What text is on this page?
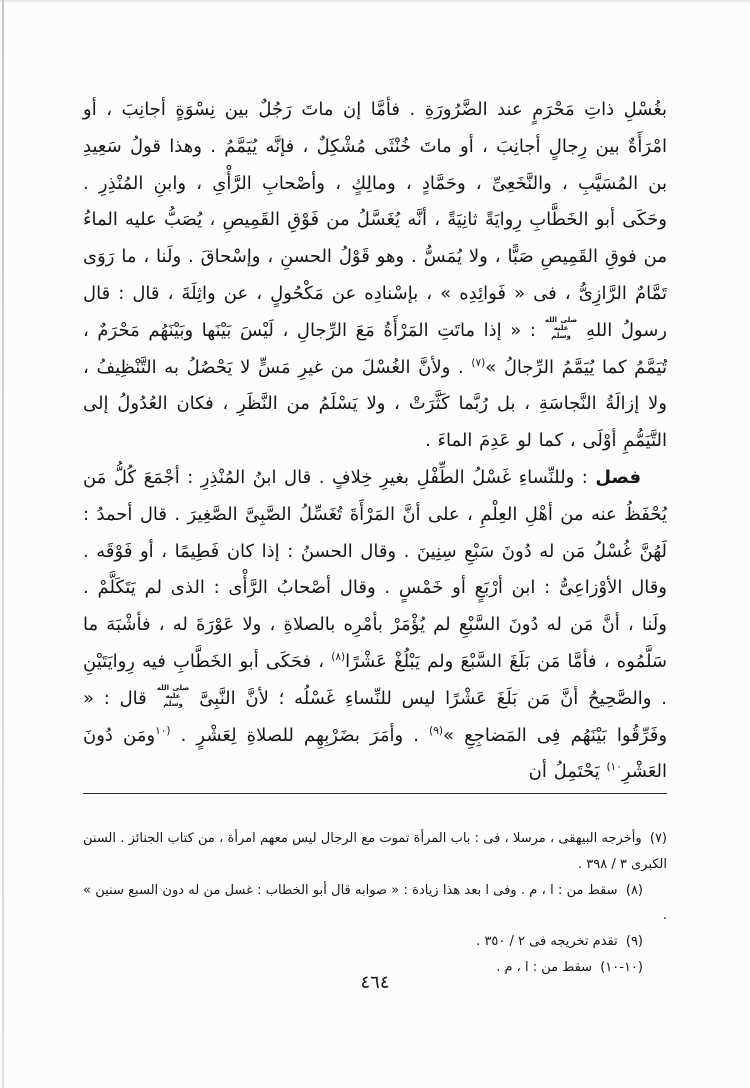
بغُسْلِ ذاتِ مَحْرَمٍ عند الضَّرُورَةِ . فأمَّا إن ماتَ رَجُلٌ بين نِسْوَةٍ أجانِبَ ، أو امْرَأَةٌ بين رِجالٍ أجانِبَ ، أو ماتَ خُنْثَى مُشْكِلٌ ، فإنَّه يُيَمَّمُ . وهذا قولُ سَعِيدِ بن المُسَيَّبِ ، والنَّخَعِىِّ ، وحَمَّادٍ ، ومالِكٍ ، وأصْحابِ الرَّأْىِ ، وابنِ المُنْذِرِ . وحَكَى أبو الخَطَّابِ رِوايَةً ثانِيَةً ، أنَّه يُغَسَّلُ من فَوْقِ القَمِيصِ ، يُصَبُّ عليه الماءُ من فوقِ القَمِيصِ صَبًّا ، ولا يُمَسُّ . وهو قَوْلُ الحسنِ ، وإسْحاقَ . ولَنا ، ما رَوَى تَمَّامٌ الرَّازِىُّ ، فى « فَوائِدِه » ، بإسْنادِه عن مَكْحُولٍ ، عن واثِلَةَ ، قال : قال رسولُ اللهِ صلى الله عليه وسلم : « إذا ماتَتِ المَرْأَةُ مَعَ الرِّجالِ ، لَيْسَ بَيْنَها وبَيْنَهُم مَحْرَمٌ ، تُيَمَّمُ كما يُيَمَّمُ الرِّجالُ »$^{(٧)}$ . ولأنَّ الغُسْلَ من غيرِ مَسٍّ لا يَحْصُلُ به التَّنْظِيفُ ، ولا إزالَةُ النَّجاسَةِ ، بل رُبَّما كَثَّرَتْ ، ولا يَسْلَمُ من النَّظَرِ ، فكان العُدُولُ إلى التَّيَمُّمِ أوْلَى ، كما لو عَدِمَ الماءَ .

فصل : وللنِّساءِ غَسْلُ الطِّفْلِ بغيرِ خِلافٍ . قال ابنُ المُنْذِرِ : أجْمَعَ كُلُّ مَن يُحْفَظُ عنه من أهْلِ العِلْمِ ، على أنَّ المَرْأَةَ تُغَسِّلُ الصَّبِىَّ الصَّغِيرَ . قال أحمدُ : لَهُنَّ غُسْلُ مَن له دُونَ سَبْعِ سِنِينَ . وقال الحسنُ : إذا كان فَطِيمًا ، أو فَوْقَه . وقال الأوْزاعِىُّ : ابن أرْبَعٍ أو خَمْسٍ . وقال أصْحابُ الرَّأْى : الذى لم يَتَكَلَّمْ . ولَنا ، أنَّ مَن له دُونَ السَّبْعِ لم يُؤْمَرْ بأمْرِه بالصلاةِ ، ولا عَوْرَةَ له ، فأشْبَهَ ما سَلَّمُوه ، فأمَّا مَن بَلَغَ السَّبْعَ ولم يَبْلُغْ عَشْرًا$^{(٨)}$ ، فحَكَى أبو الخَطَّابِ فيه رِوايَتَيْنِ . والصَّحِيحُ أنَّ مَن بَلَغَ عَشْرًا ليس للنِّساءِ غَسْلُه ؛ لأنَّ النَّبِىَّ صلى الله عليه وسلم قال : « وفَرِّقُوا بَيْنَهُم فِى المَضاجِعِ »$^{(٩)}$ . وأمَرَ بضَرْبِهِم للصلاةِ لِعَشْرٍ . $^{(١٠}$ومَن دُونَ العَشْرِ$^{١٠)}$ يَحْتَمِلُ أن

(٧) وأخرجه البيهقى ، مرسلا ، فى : باب المرأة تموت مع الرجال ليس معهم امرأة ، من كتاب الجنائز . السنن الكبرى ٣ / ٣٩٨ .

(٨) سقط من : ا ، م . وفى ا بعد هذا زيادة : « صوابه قال أبو الخطاب : غسل من له دون السبع سنين » .

(٩) تقدم تخريجه فى ٢ / ٣٥٠ .

(١٠-١٠) سقط من : ا ، م .

٤٦٤
